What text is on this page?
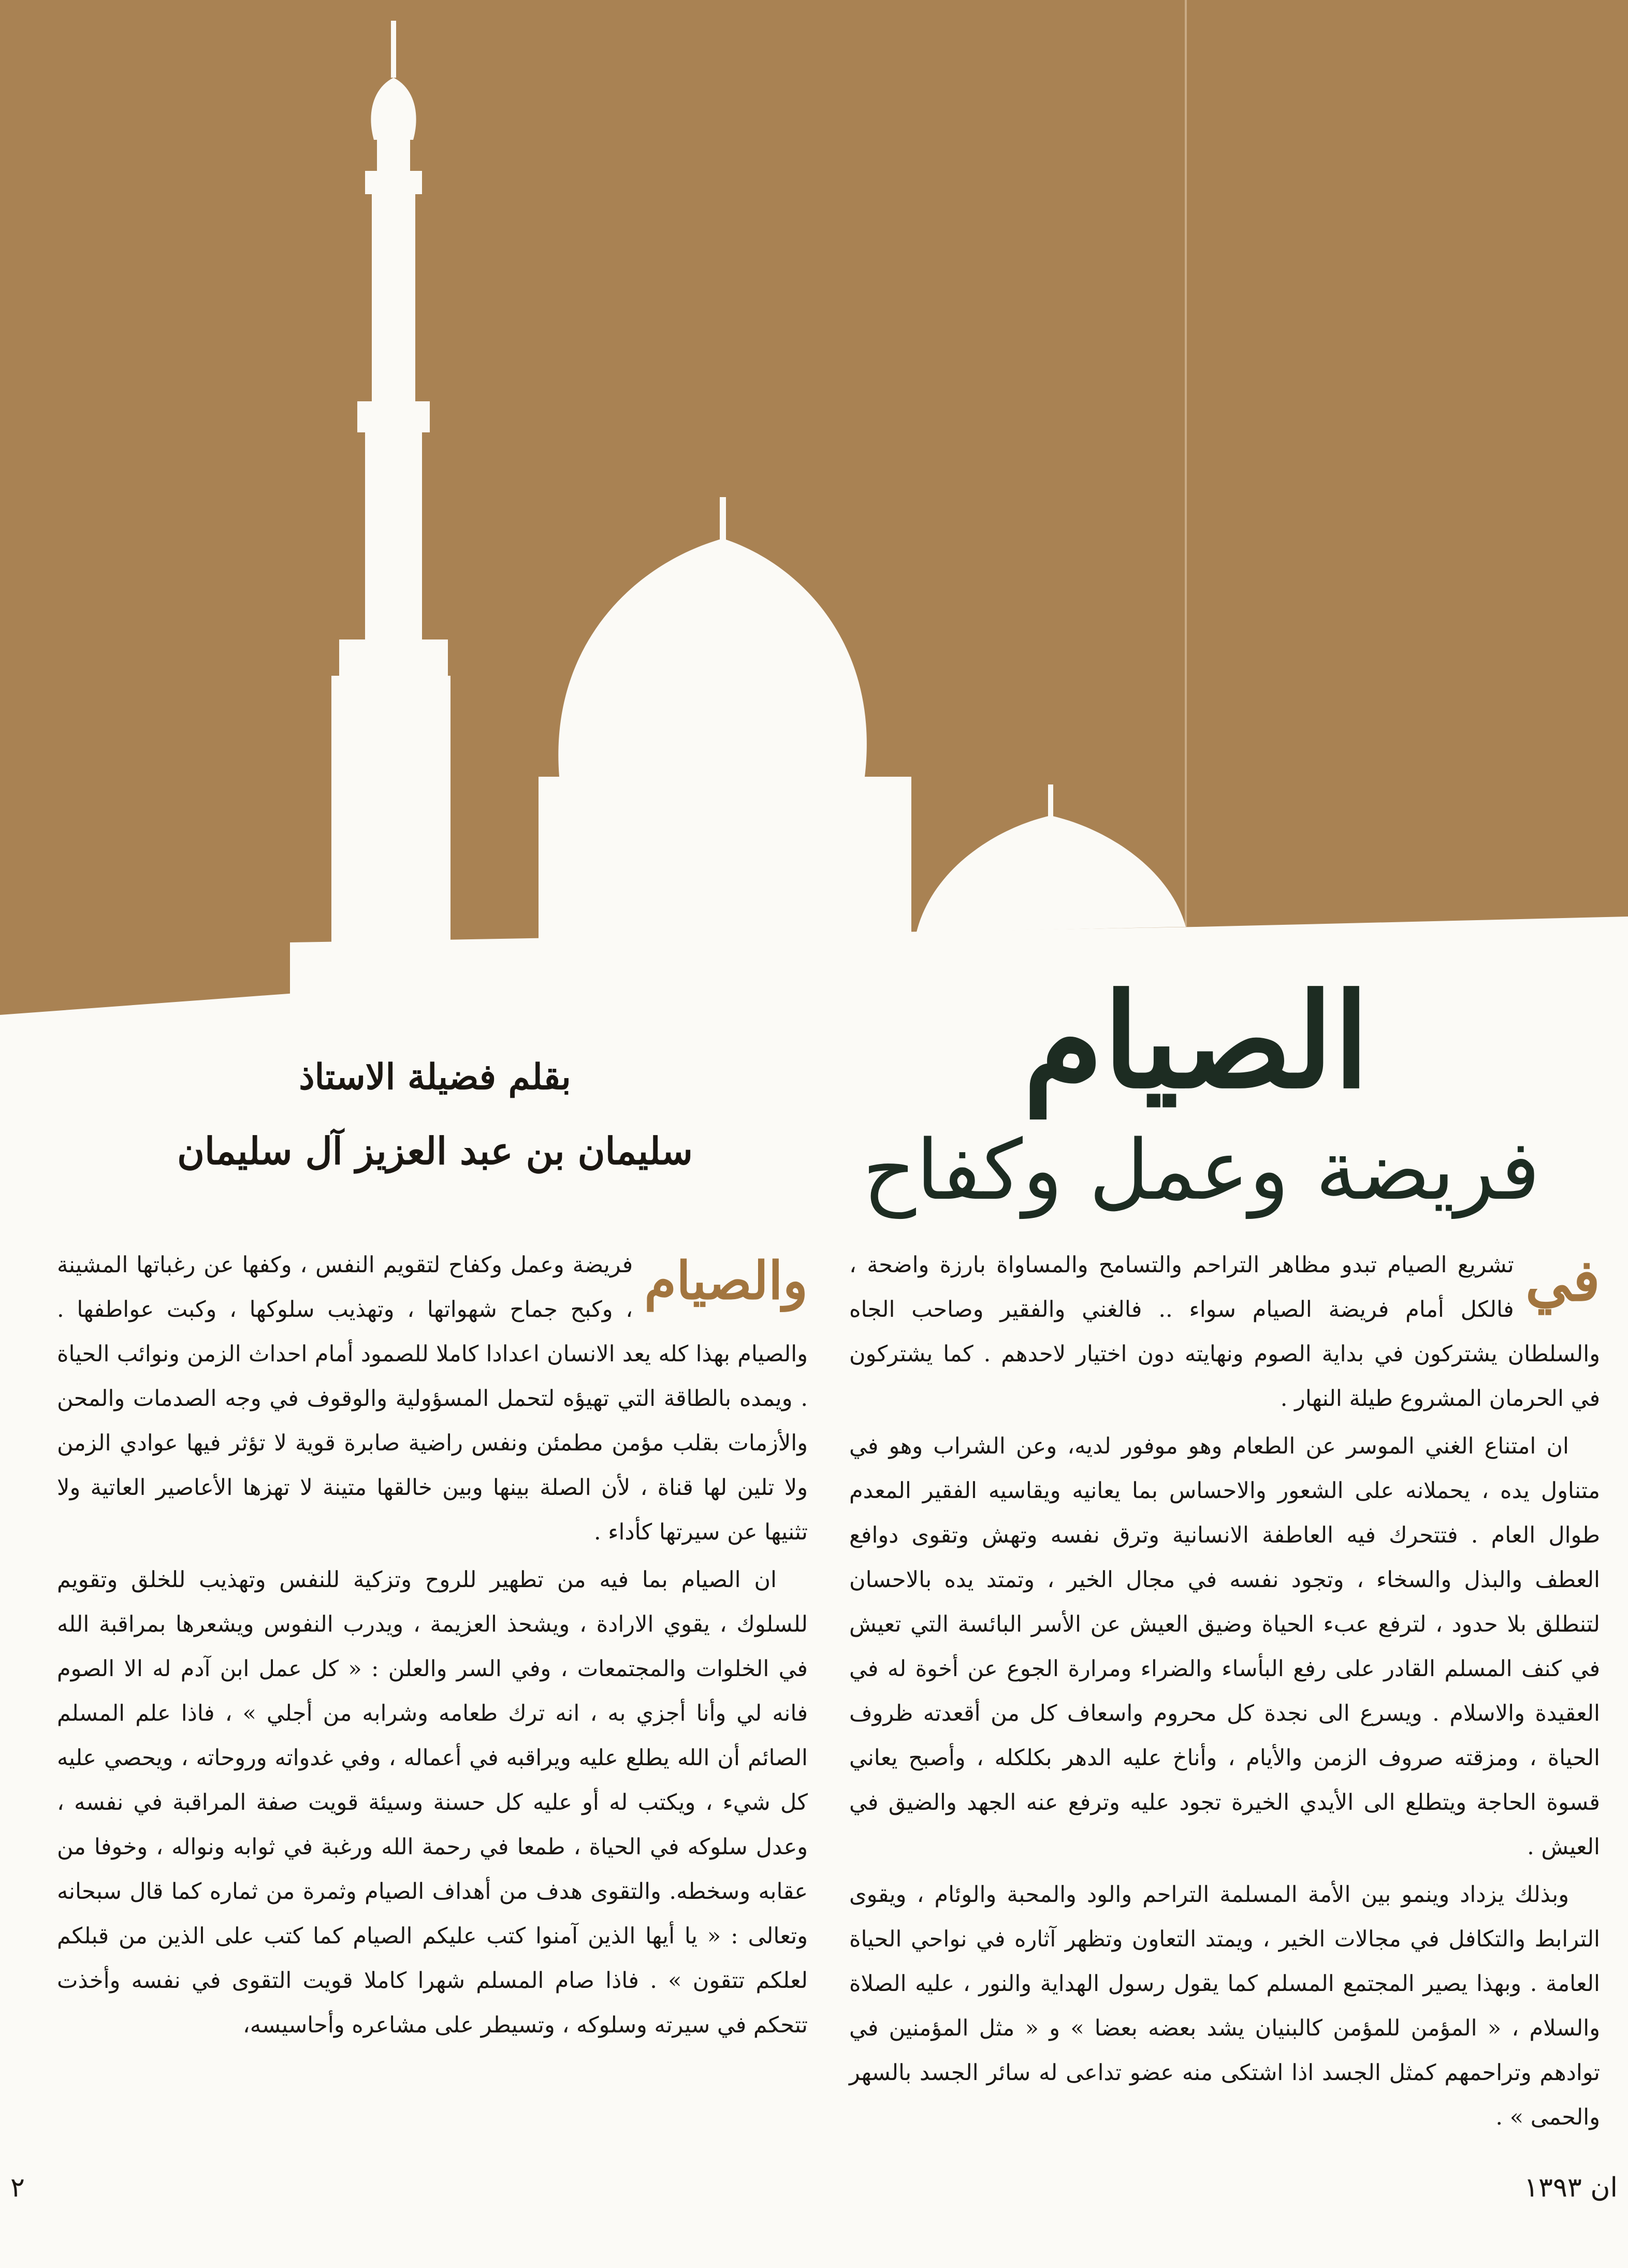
الصيام
فريضة وعمل وكفاح
بقلم فضيلة الاستاذ
سليمان بن عبد العزيز آل سليمان
في

تشريع الصيام تبدو مظاهر التراحم والتسامح والمساواة بارزة واضحة ، فالكل أمام فريضة الصيام سواء .. فالغني والفقير وصاحب الجاه والسلطان يشتركون في بداية الصوم ونهايته دون اختيار لاحدهم . كما يشتركون في الحرمان المشروع طيلة النهار .

ان امتناع الغني الموسر عن الطعام وهو موفور لديه، وعن الشراب وهو في متناول يده ، يحملانه على الشعور والاحساس بما يعانيه ويقاسيه الفقير المعدم طوال العام . فتتحرك فيه العاطفة الانسانية وترق نفسه وتهش وتقوى دوافع العطف والبذل والسخاء ، وتجود نفسه في مجال الخير ، وتمتد يده بالاحسان لتنطلق بلا حدود ، لترفع عبء الحياة وضيق العيش عن الأسر البائسة التي تعيش في كنف المسلم القادر على رفع البأساء والضراء ومرارة الجوع عن أخوة له في العقيدة والاسلام . ويسرع الى نجدة كل محروم واسعاف كل من أقعدته ظروف الحياة ، ومزقته صروف الزمن والأيام ، وأناخ عليه الدهر بكلكله ، وأصبح يعاني قسوة الحاجة ويتطلع الى الأيدي الخيرة تجود عليه وترفع عنه الجهد والضيق في العيش .

وبذلك يزداد وينمو بين الأمة المسلمة التراحم والود والمحبة والوئام ، ويقوى الترابط والتكافل في مجالات الخير ، ويمتد التعاون وتظهر آثاره في نواحي الحياة العامة . وبهذا يصير المجتمع المسلم كما يقول رسول الهداية والنور ، عليه الصلاة والسلام ، « المؤمن للمؤمن كالبنيان يشد بعضه بعضا » و « مثل المؤمنين في توادهم وتراحمهم كمثل الجسد اذا اشتكى منه عضو تداعى له سائر الجسد بالسهر والحمى » .

والصيام

فريضة وعمل وكفاح لتقويم النفس ، وكفها عن رغباتها المشينة ، وكبح جماح شهواتها ، وتهذيب سلوكها ، وكبت عواطفها . والصيام بهذا كله يعد الانسان اعدادا كاملا للصمود أمام احداث الزمن ونوائب الحياة . ويمده بالطاقة التي تهيؤه لتحمل المسؤولية والوقوف في وجه الصدمات والمحن والأزمات بقلب مؤمن مطمئن ونفس راضية صابرة قوية لا تؤثر فيها عوادي الزمن ولا تلين لها قناة ، لأن الصلة بينها وبين خالقها متينة لا تهزها الأعاصير العاتية ولا تثنيها عن سيرتها كأداء .

ان الصيام بما فيه من تطهير للروح وتزكية للنفس وتهذيب للخلق وتقويم للسلوك ، يقوي الارادة ، ويشحذ العزيمة ، ويدرب النفوس ويشعرها بمراقبة الله في الخلوات والمجتمعات ، وفي السر والعلن : « كل عمل ابن آدم له الا الصوم فانه لي وأنا أجزي به ، انه ترك طعامه وشرابه من أجلي » ، فاذا علم المسلم الصائم أن الله يطلع عليه ويراقبه في أعماله ، وفي غدواته وروحاته ، ويحصي عليه كل شيء ، ويكتب له أو عليه كل حسنة وسيئة قويت صفة المراقبة في نفسه ، وعدل سلوكه في الحياة ، طمعا في رحمة الله ورغبة في ثوابه ونواله ، وخوفا من عقابه وسخطه. والتقوى هدف من أهداف الصيام وثمرة من ثماره كما قال سبحانه وتعالى : « يا أيها الذين آمنوا كتب عليكم الصيام كما كتب على الذين من قبلكم لعلكم تتقون » . فاذا صام المسلم شهرا كاملا قويت التقوى في نفسه وأخذت تتحكم في سيرته وسلوكه ، وتسيطر على مشاعره وأحاسيسه،

٢	ان ١٣٩٣
